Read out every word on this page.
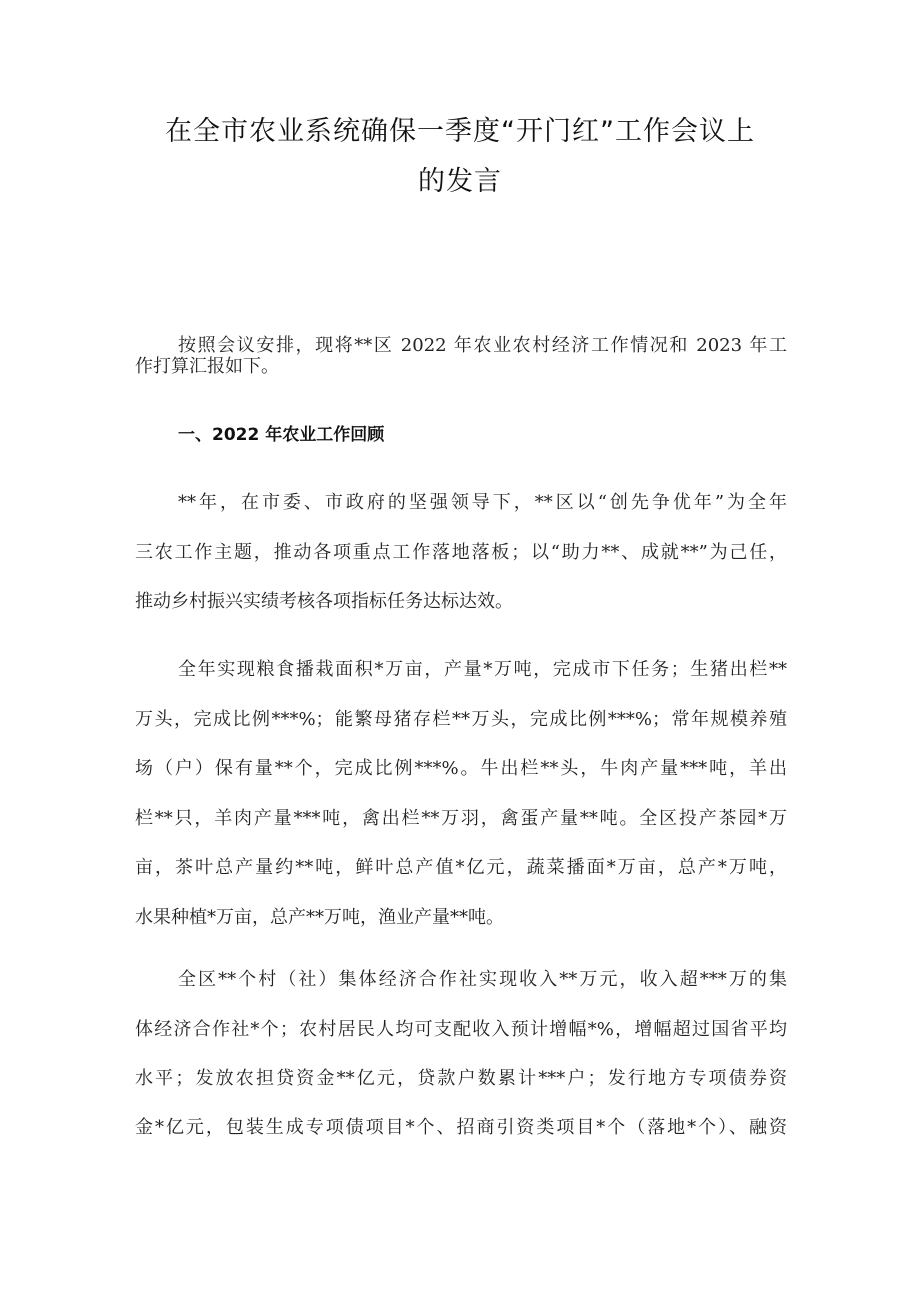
在全市农业系统确保一季度“开门红”工作会议上
的发言

按照会议安排，现将**区 2022 年农业农村经济工作情况和 2023 年工

作打算汇报如下。

一、2022 年农业工作回顾

**年，在市委、市政府的坚强领导下，**区以“创先争优年”为全年

三农工作主题，推动各项重点工作落地落板；以“助力**、成就**”为己任，

推动乡村振兴实绩考核各项指标任务达标达效。

全年实现粮食播栽面积*万亩，产量*万吨，完成市下任务；生猪出栏**

万头，完成比例***%；能繁母猪存栏**万头，完成比例***%；常年规模养殖

场（户）保有量**个，完成比例***%。牛出栏**头，牛肉产量***吨，羊出

栏**只，羊肉产量***吨，禽出栏**万羽，禽蛋产量**吨。全区投产茶园*万

亩，茶叶总产量约**吨，鲜叶总产值*亿元，蔬菜播面*万亩，总产*万吨，

水果种植*万亩，总产**万吨，渔业产量**吨。

全区**个村（社）集体经济合作社实现收入**万元，收入超***万的集

体经济合作社*个；农村居民人均可支配收入预计增幅*%，增幅超过国省平均

水平；发放农担贷资金**亿元，贷款户数累计***户；发行地方专项债券资

金*亿元，包装生成专项债项目*个、招商引资类项目*个（落地*个）、融资
